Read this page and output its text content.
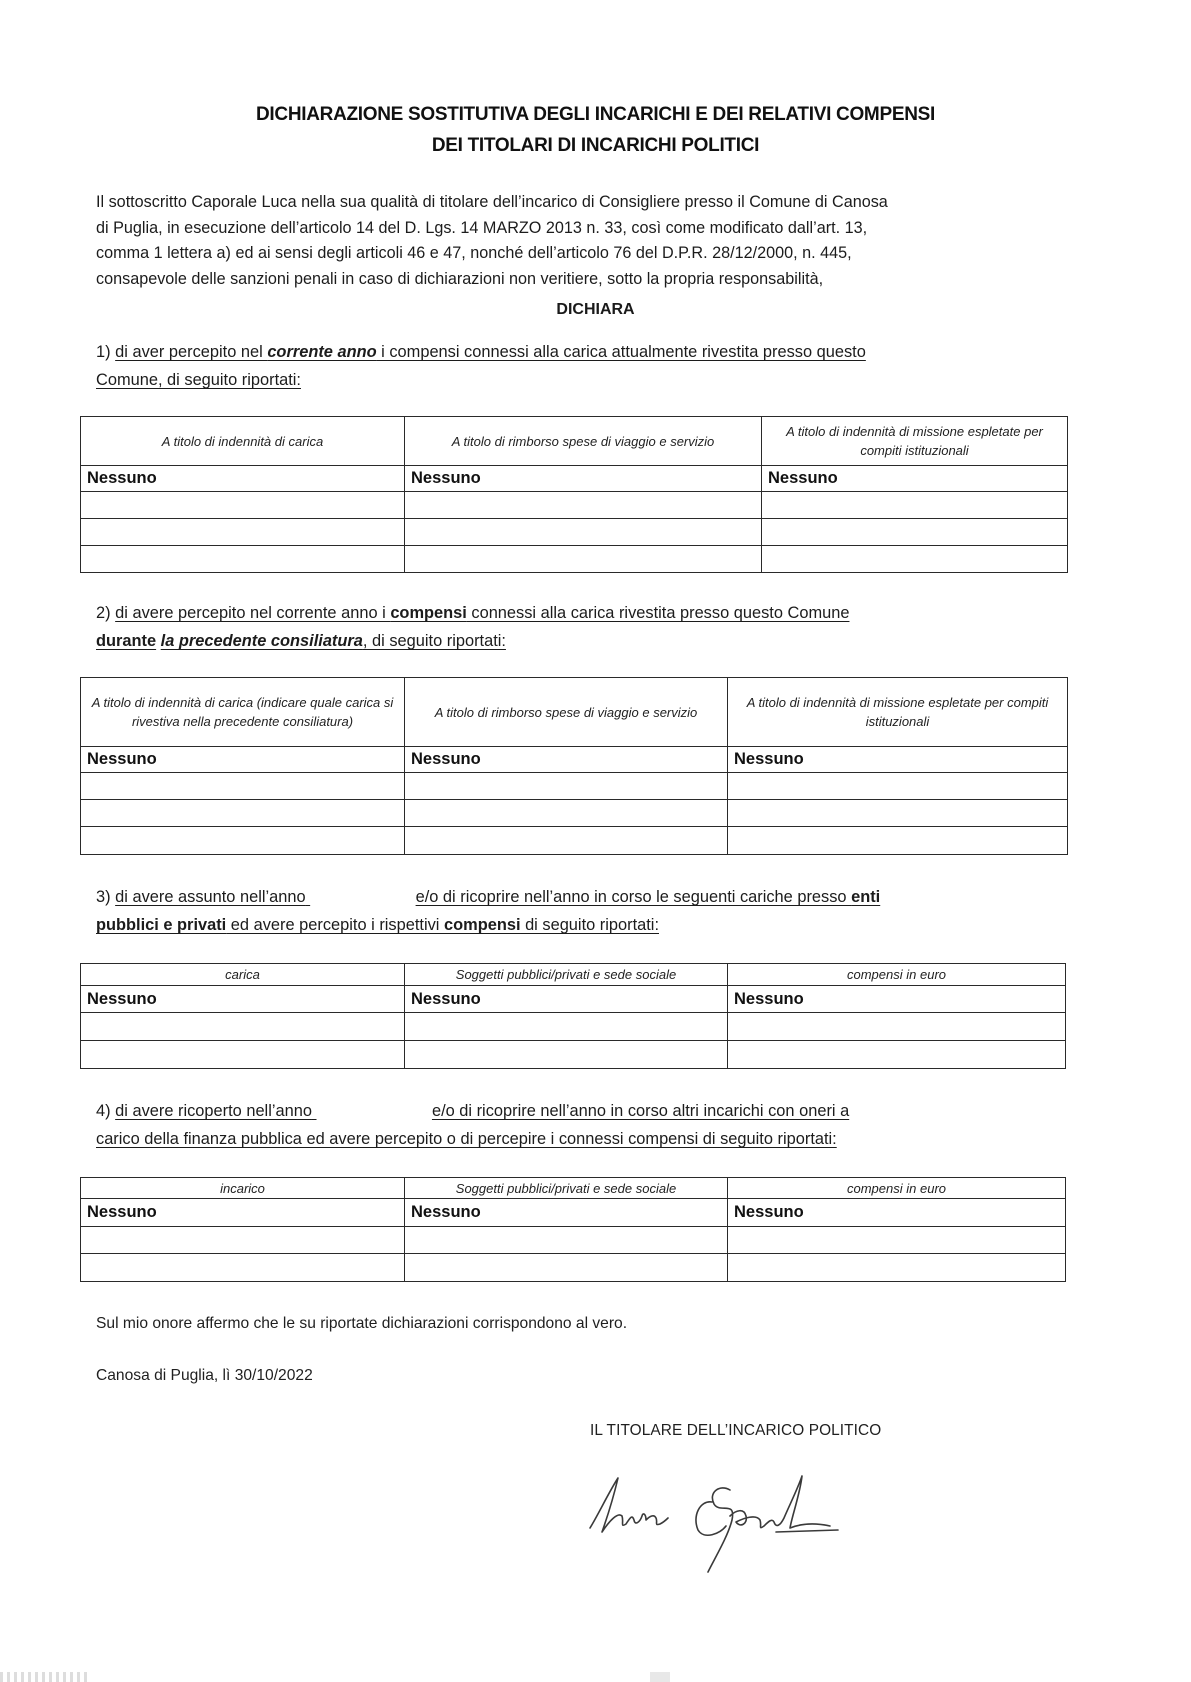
DICHIARAZIONE SOSTITUTIVA DEGLI INCARICHI E DEI RELATIVI COMPENSI
DEI TITOLARI DI INCARICHI POLITICI
Il sottoscritto Caporale Luca nella sua qualità di titolare dell’incarico di Consigliere presso il Comune di Canosa
di Puglia, in esecuzione dell’articolo 14 del D. Lgs. 14 MARZO 2013 n. 33, così come modificato dall’art. 13,
comma 1 lettera a) ed ai sensi degli articoli 46 e 47, nonché dell’articolo 76 del D.P.R. 28/12/2000, n. 445,
consapevole delle sanzioni penali in caso di dichiarazioni non veritiere, sotto la propria responsabilità,
DICHIARA
1) di aver percepito nel corrente anno i compensi connessi alla carica attualmente rivestita presso questo
Comune, di seguito riportati:
A titolo di indennità di carica	A titolo di rimborso spese di viaggio e servizio	A titolo di indennità di missione espletate per compiti istituzionali
Nessuno	Nessuno	Nessuno

2) di avere percepito nel corrente anno i compensi connessi alla carica rivestita presso questo Comune
durante la precedente consiliatura, di seguito riportati:
A titolo di indennità di carica (indicare quale carica si rivestiva nella precedente consiliatura)	A titolo di rimborso spese di viaggio e servizio	A titolo di indennità di missione espletate per compiti istituzionali
Nessuno	Nessuno	Nessuno

3) di avere assunto nell’anno	e/o di ricoprire nell’anno in corso le seguenti cariche presso enti
pubblici e privati ed avere percepito i rispettivi compensi di seguito riportati:
carica	Soggetti pubblici/privati e sede sociale	compensi in euro
Nessuno	Nessuno	Nessuno

4) di avere ricoperto nell’anno	e/o di ricoprire nell’anno in corso altri incarichi con oneri a
carico della finanza pubblica ed avere percepito o di percepire i connessi compensi di seguito riportati:
incarico	Soggetti pubblici/privati e sede sociale	compensi in euro
Nessuno	Nessuno	Nessuno

Sul mio onore affermo che le su riportate dichiarazioni corrispondono al vero.
Canosa di Puglia, lì 30/10/2022
IL TITOLARE DELL’INCARICO POLITICO
